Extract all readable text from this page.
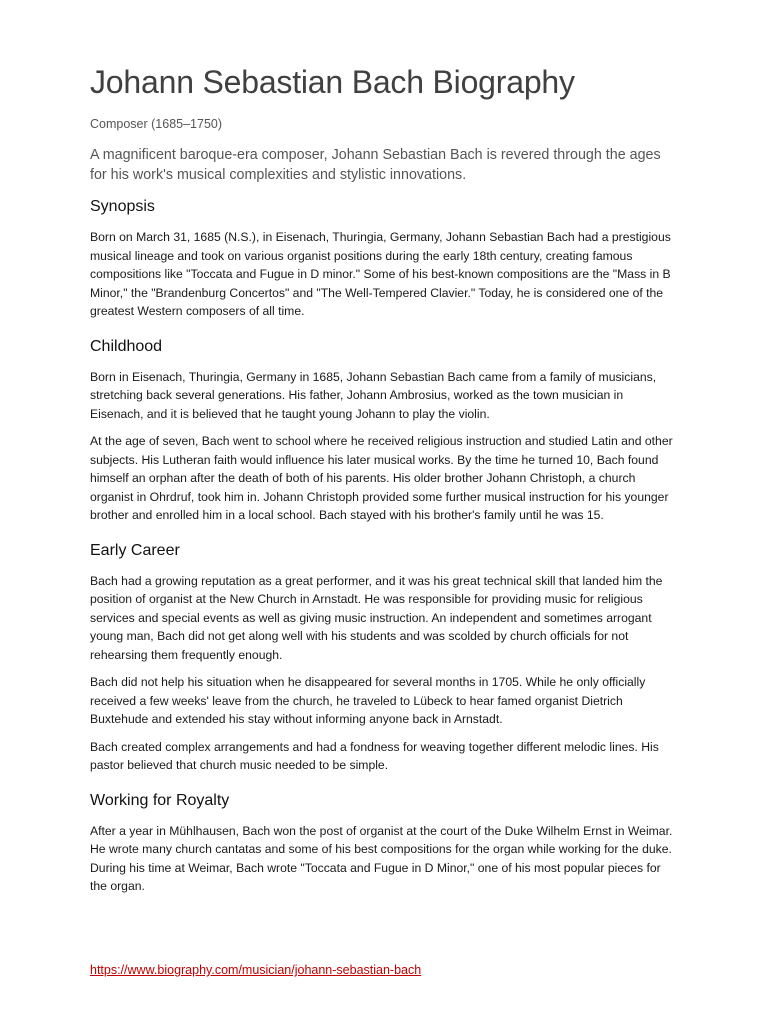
Johann Sebastian Bach Biography

Composer (1685–1750)

A magnificent baroque-era composer, Johann Sebastian Bach is revered through the ages for his work's musical complexities and stylistic innovations.

Synopsis

Born on March 31, 1685 (N.S.), in Eisenach, Thuringia, Germany, Johann Sebastian Bach had a prestigious musical lineage and took on various organist positions during the early 18th century, creating famous compositions like "Toccata and Fugue in D minor." Some of his best-known compositions are the "Mass in B Minor," the "Brandenburg Concertos" and "The Well-Tempered Clavier." Today, he is considered one of the greatest Western composers of all time.

Childhood

Born in Eisenach, Thuringia, Germany in 1685, Johann Sebastian Bach came from a family of musicians, stretching back several generations. His father, Johann Ambrosius, worked as the town musician in Eisenach, and it is believed that he taught young Johann to play the violin.

At the age of seven, Bach went to school where he received religious instruction and studied Latin and other subjects. His Lutheran faith would influence his later musical works. By the time he turned 10, Bach found himself an orphan after the death of both of his parents. His older brother Johann Christoph, a church organist in Ohrdruf, took him in. Johann Christoph provided some further musical instruction for his younger brother and enrolled him in a local school. Bach stayed with his brother's family until he was 15.

Early Career

Bach had a growing reputation as a great performer, and it was his great technical skill that landed him the position of organist at the New Church in Arnstadt. He was responsible for providing music for religious services and special events as well as giving music instruction. An independent and sometimes arrogant young man, Bach did not get along well with his students and was scolded by church officials for not rehearsing them frequently enough.

Bach did not help his situation when he disappeared for several months in 1705. While he only officially received a few weeks' leave from the church, he traveled to Lübeck to hear famed organist Dietrich Buxtehude and extended his stay without informing anyone back in Arnstadt.

Bach created complex arrangements and had a fondness for weaving together different melodic lines. His pastor believed that church music needed to be simple.

Working for Royalty

After a year in Mühlhausen, Bach won the post of organist at the court of the Duke Wilhelm Ernst in Weimar. He wrote many church cantatas and some of his best compositions for the organ while working for the duke. During his time at Weimar, Bach wrote "Toccata and Fugue in D Minor," one of his most popular pieces for the organ.

https://www.biography.com/musician/johann-sebastian-bach
